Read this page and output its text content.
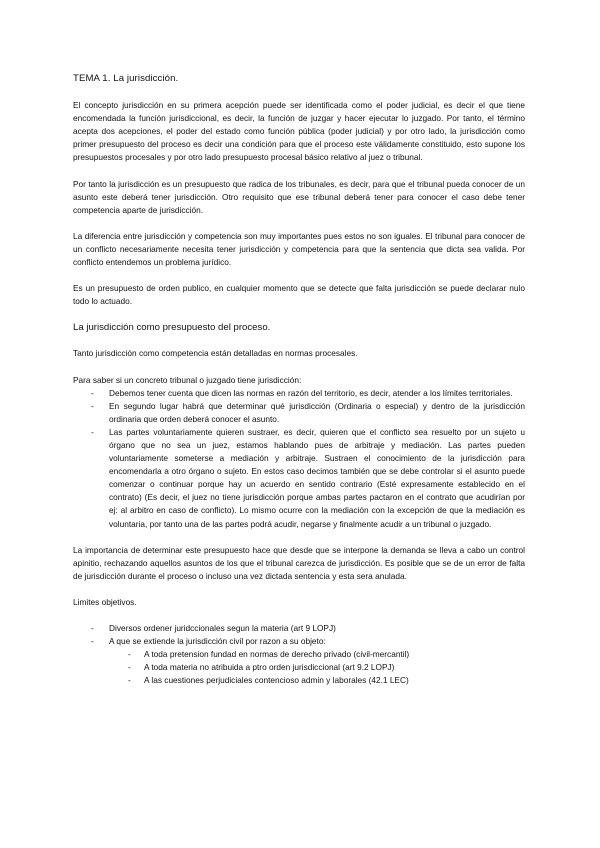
TEMA 1. La jurisdicción.

El concepto jurisdicción en su primera acepción puede ser identificada como el poder judicial, es decir el que tiene encomendada la función jurisdiccional, es decir, la función de juzgar y hacer ejecutar lo juzgado. Por tanto, el término acepta dos acepciones, el poder del estado como función pública (poder judicial) y por otro lado, la jurisdicción como primer presupuesto del proceso es decir una condición para que el proceso este válidamente constituido, esto supone los presupuestos procesales y por otro lado presupuesto procesal básico relativo al juez o tribunal.

Por tanto la jurisdicción es un presupuesto que radica de los tribunales, es decir, para que el tribunal pueda conocer de un asunto este deberá tener jurisdicción. Otro requisito que ese tribunal deberá tener para conocer el caso debe tener competencia aparte de jurisdicción.

La diferencia entre jurisdicción y competencia son muy importantes pues estos no son iguales. El tribunal para conocer de un conflicto necesariamente necesita tener jurisdicción y competencia para que la sentencia que dicta sea valida. Por conflicto entendemos un problema jurídico.

Es un presupuesto de orden publico, en cualquier momento que se detecte que falta jurisdicción se puede declarar nulo todo lo actuado.

La jurisdicción como presupuesto del proceso.

Tanto jurisdicción como competencia están detalladas en normas procesales.

Para saber si un concreto tribunal o juzgado tiene jurisdicción:

- Debemos tener cuenta que dicen las normas en razón del territorio, es decir, atender a los límites territoriales.
- En segundo lugar habrá que determinar qué jurisdicción (Ordinaria o especial) y dentro de la jurisdicción ordinaria que orden deberá conocer el asunto.
- Las partes voluntariamente quieren sustraer, es decir, quieren que el conflicto sea resuelto por un sujeto u órgano que no sea un juez, estamos hablando pues de arbitraje y mediación. Las partes pueden voluntariamente someterse a mediación y arbitraje. Sustraen el conocimiento de la jurisdicción para encomendarla a otro órgano o sujeto. En estos caso decimos también que se debe controlar si el asunto puede comenzar o continuar porque hay un acuerdo en sentido contrario (Esté expresamente establecido en el contrato) (Es decir, el juez no tiene jurisdicción porque ambas partes pactaron en el contrato que acudirían por ej: al arbitro en caso de conflicto). Lo mismo ocurre con la mediación con la excepción de que la mediación es voluntaria, por tanto una de las partes podrá acudir, negarse y finalmente acudir a un tribunal o juzgado.

La importancia de determinar este presupuesto hace que desde que se interpone la demanda se lleva a cabo un control apinitio, rechazando aquellos asuntos de los que el tribunal carezca de jurisdicción. Es posible que se de un error de falta de jurisdicción durante el proceso o incluso una vez dictada sentencia y esta sera anulada.

Limites objetivos.

- Diversos ordener juridccionales segun la materia (art 9 LOPJ)
- A que se extiende la jurisdicción civil por razon a su objeto:
- A toda pretension fundad en normas de derecho privado (civil-mercantil)
- A toda materia no atribuida a ptro orden jurisdiccional (art 9.2 LOPJ)
- A las cuestiones perjudiciales contencioso admin y laborales (42.1 LEC)
